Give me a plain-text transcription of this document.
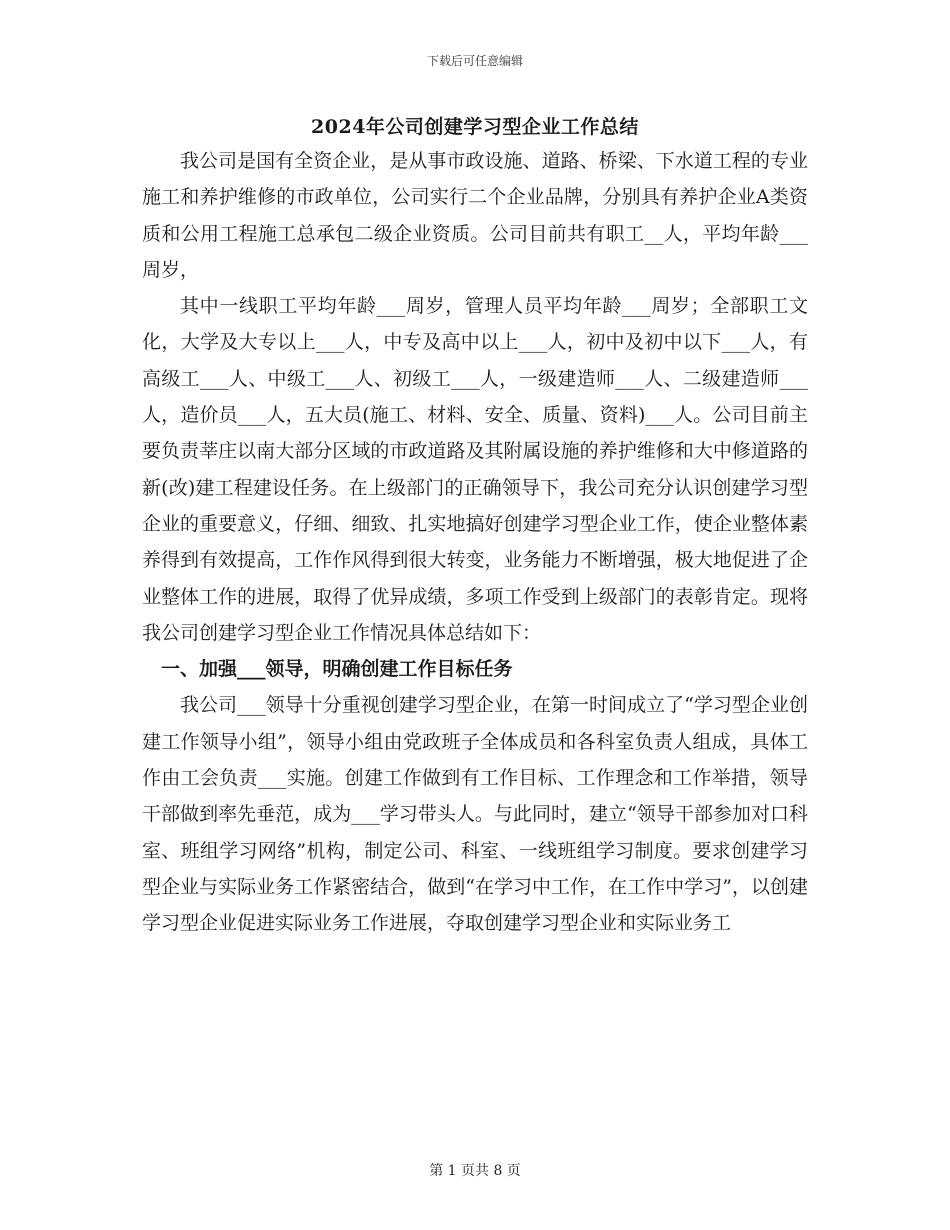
下载后可任意编辑
2024年公司创建学习型企业工作总结

我公司是国有全资企业，是从事市政设施、道路、桥梁、下水道工程的专业施工和养护维修的市政单位，公司实行二个企业品牌，分别具有养护企业A类资质和公用工程施工总承包二级企业资质。公司目前共有职工__人，平均年龄___周岁，

其中一线职工平均年龄___周岁，管理人员平均年龄___周岁；全部职工文化，大学及大专以上___人，中专及高中以上___人，初中及初中以下___人，有高级工___人、中级工___人、初级工___人，一级建造师___人、二级建造师___人，造价员___人，五大员(施工、材料、安全、质量、资料)___人。公司目前主要负责莘庄以南大部分区域的市政道路及其附属设施的养护维修和大中修道路的新(改)建工程建设任务。在上级部门的正确领导下，我公司充分认识创建学习型企业的重要意义，仔细、细致、扎实地搞好创建学习型企业工作，使企业整体素养得到有效提高，工作作风得到很大转变，业务能力不断增强，极大地促进了企业整体工作的进展，取得了优异成绩，多项工作受到上级部门的表彰肯定。现将我公司创建学习型企业工作情况具体总结如下：

一、加强___领导，明确创建工作目标任务

我公司___领导十分重视创建学习型企业，在第一时间成立了“学习型企业创建工作领导小组”，领导小组由党政班子全体成员和各科室负责人组成，具体工作由工会负责___实施。创建工作做到有工作目标、工作理念和工作举措，领导干部做到率先垂范，成为___学习带头人。与此同时，建立“领导干部参加对口科室、班组学习网络”机构，制定公司、科室、一线班组学习制度。要求创建学习型企业与实际业务工作紧密结合，做到“在学习中工作，在工作中学习”，以创建学习型企业促进实际业务工作进展，夺取创建学习型企业和实际业务工

第 1 页共 8 页
